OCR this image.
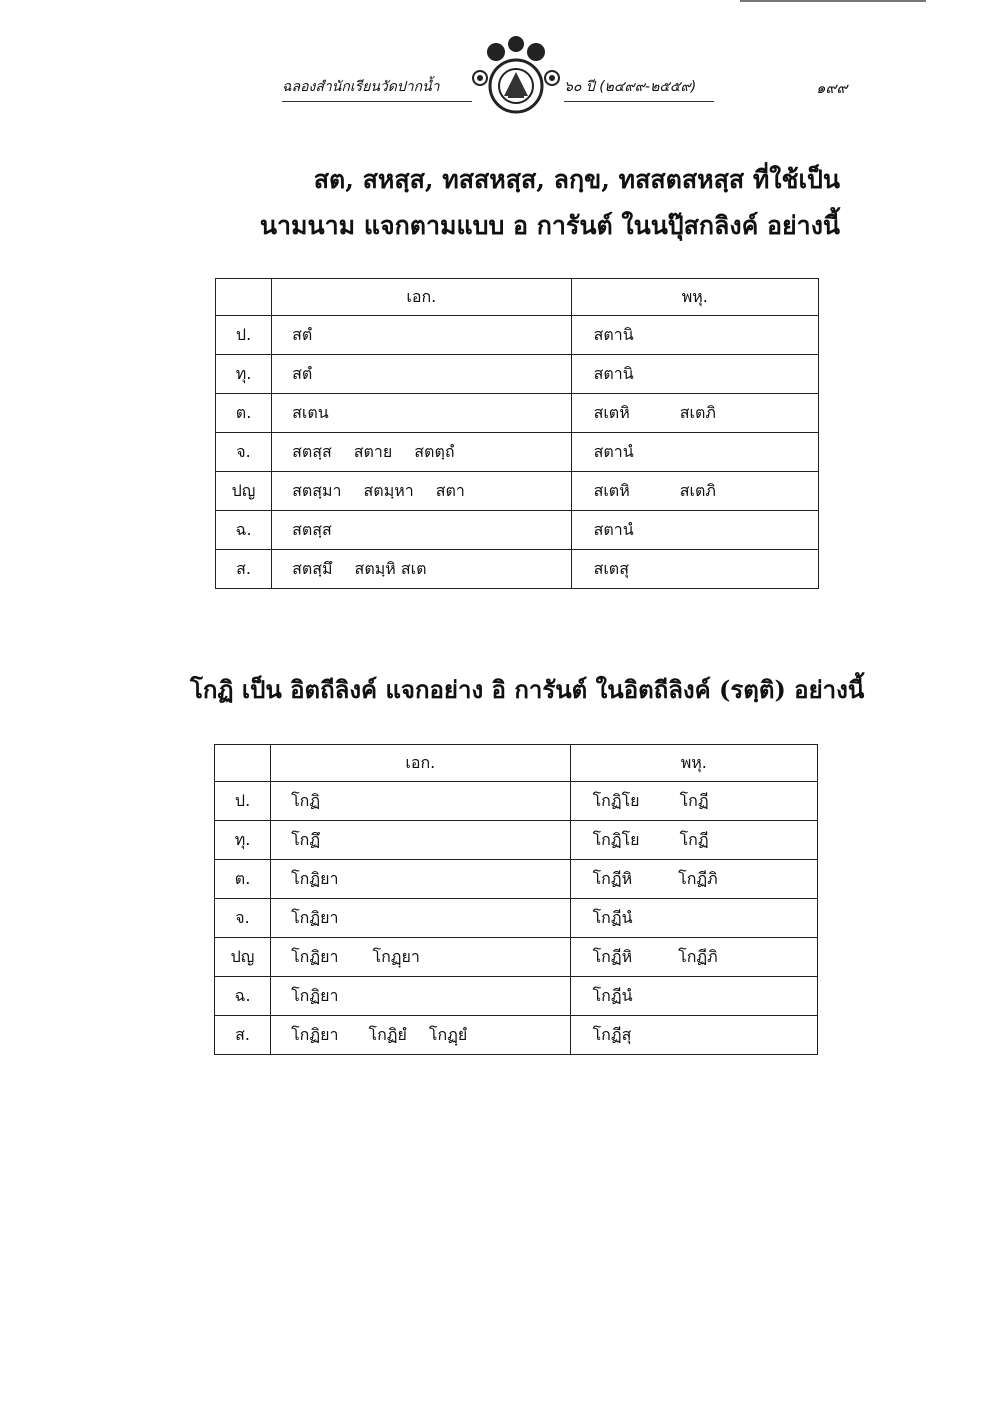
ฉลองสำนักเรียนวัดปากน้ำ	๖๐ ปี (๒๔๙๙-๒๕๕๙)	๑๙๙
สต, สหสฺส, ทสสหสฺส, ลกฺข, ทสสตสหสฺส ที่ใช้เป็น
นามนาม แจกตามแบบ อ การันต์ ในนปุ๊สกลิงค์ อย่างนี้
	เอก.	พหุ.
ป.	สตํ	สตานิ
ทุ.	สตํ	สตานิ
ต.	สเตน	สเตหิ สเตภิ
จ.	สตสฺส สตาย สตตฺถํ	สตานํ
ปญ	สตสฺมา สตมฺหา สตา	สเตหิ สเตภิ
ฉ.	สตสฺส	สตานํ
ส.	สตสฺมึ สตมฺหิ สเต	สเตสุ
โกฏิ เป็น อิตถีลิงค์ แจกอย่าง อิ การันต์ ในอิตถีลิงค์ (รตฺติ) อย่างนี้
	เอก.	พหุ.
ป.	โกฏิ	โกฏิโย โกฏี
ทุ.	โกฏึ	โกฏิโย โกฏี
ต.	โกฏิยา	โกฏีหิ โกฏีภิ
จ.	โกฏิยา	โกฏีนํ
ปญ	โกฏิยา โกฏฺยา	โกฏีหิ โกฏีภิ
ฉ.	โกฏิยา	โกฏีนํ
ส.	โกฏิยา โกฏิยํ โกฏฺยํ	โกฏีสุ
